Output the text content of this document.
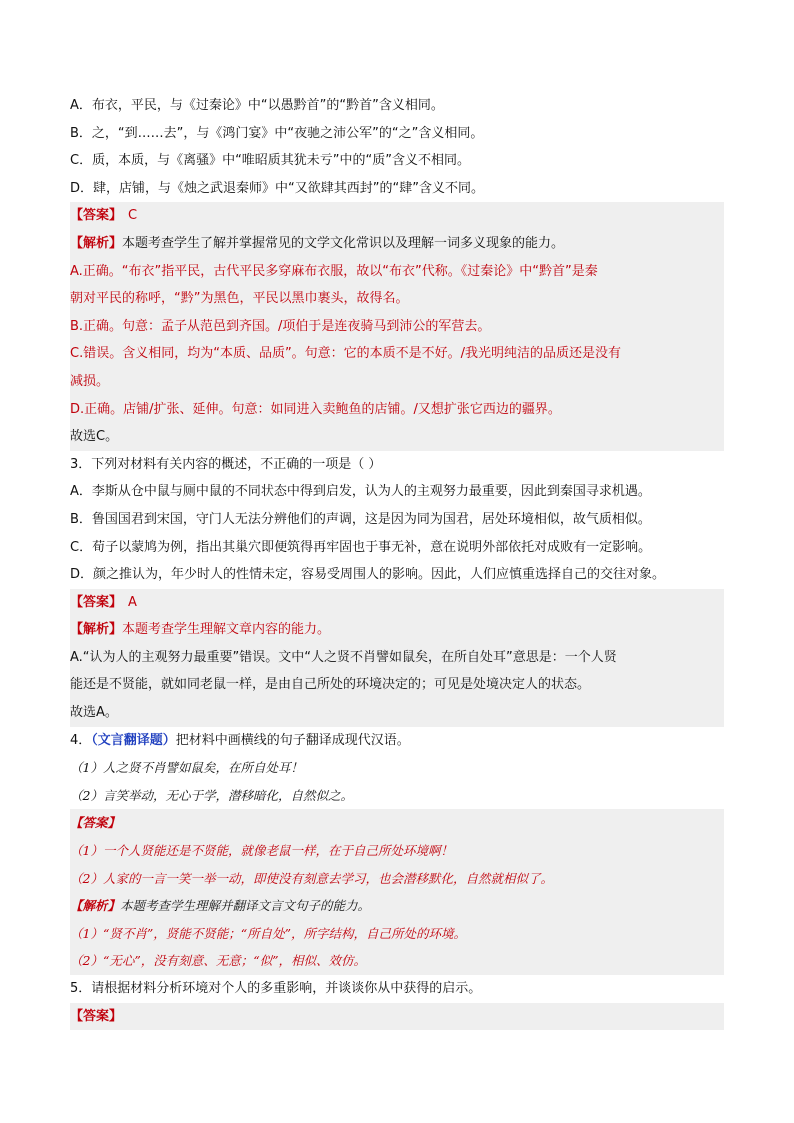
A．布衣，平民，与《过秦论》中“以愚黔首”的“黔首”含义相同。
B．之，“到……去”，与《鸿门宴》中“夜驰之沛公军”的“之”含义相同。
C．质，本质，与《离骚》中“唯昭质其犹未亏”中的“质”含义不相同。
D．肆，店铺，与《烛之武退秦师》中“又欲肆其西封”的“肆”含义不同。
【答案】 C
【解析】本题考查学生了解并掌握常见的文学文化常识以及理解一词多义现象的能力。
A.正确。“布衣”指平民，古代平民多穿麻布衣服，故以“布衣”代称。《过秦论》中“黔首”是秦
朝对平民的称呼，“黔”为黑色，平民以黑巾裹头，故得名。
B.正确。句意：孟子从范邑到齐国。/项伯于是连夜骑马到沛公的军营去。
C.错误。含义相同，均为“本质、品质”。句意：它的本质不是不好。/我光明纯洁的品质还是没有
减损。
D.正确。店铺/扩张、延伸。句意：如同进入卖鲍鱼的店铺。/又想扩张它西边的疆界。
故选C。
3．下列对材料有关内容的概述，不正确的一项是（ ）
A．李斯从仓中鼠与厕中鼠的不同状态中得到启发，认为人的主观努力最重要，因此到秦国寻求机遇。
B．鲁国国君到宋国，守门人无法分辨他们的声调，这是因为同为国君，居处环境相似，故气质相似。
C．荀子以蒙鸠为例，指出其巢穴即便筑得再牢固也于事无补，意在说明外部依托对成败有一定影响。
D．颜之推认为，年少时人的性情未定，容易受周围人的影响。因此，人们应慎重选择自己的交往对象。
【答案】 A
【解析】本题考查学生理解文章内容的能力。
A.“认为人的主观努力最重要”错误。文中“人之贤不肖譬如鼠矣，在所自处耳”意思是：一个人贤
能还是不贤能，就如同老鼠一样，是由自己所处的环境决定的；可见是处境决定人的状态。
故选A。
4．（文言翻译题）把材料中画横线的句子翻译成现代汉语。
（1）人之贤不肖譬如鼠矣，在所自处耳！
（2）言笑举动，无心于学，潜移暗化，自然似之。
【答案】
（1）一个人贤能还是不贤能，就像老鼠一样，在于自己所处环境啊！
（2）人家的一言一笑一举一动，即使没有刻意去学习，也会潜移默化，自然就相似了。
【解析】本题考查学生理解并翻译文言文句子的能力。
（1）“贤不肖”，贤能不贤能；“所自处”，所字结构，自己所处的环境。
（2）“无心”，没有刻意、无意；“似”，相似、效仿。
5．请根据材料分析环境对个人的多重影响，并谈谈你从中获得的启示。
【答案】
